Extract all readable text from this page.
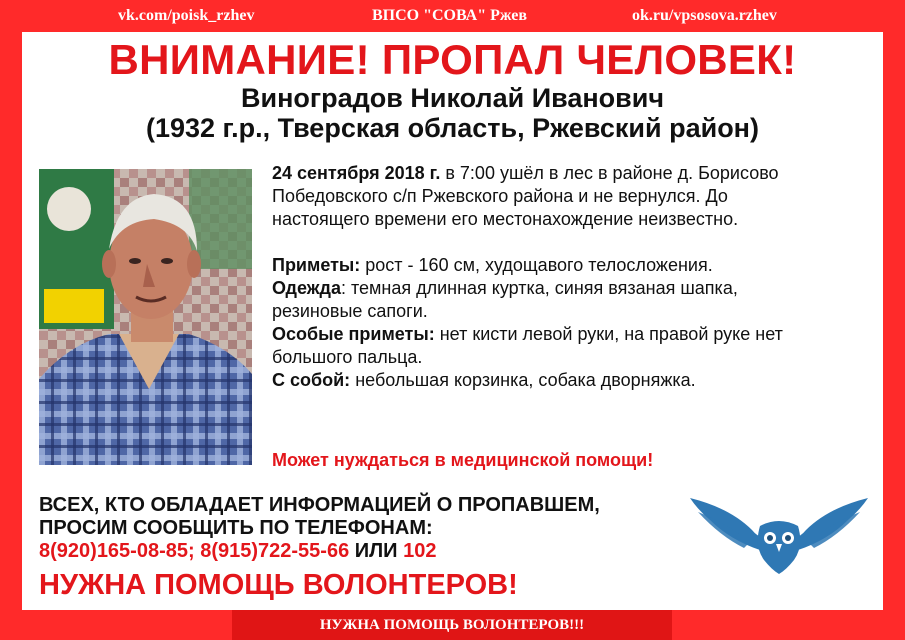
vk.com/poisk_rzhev	ВПСО "СОВА" Ржев	ok.ru/vpsosova.rzhev
ВНИМАНИЕ! ПРОПАЛ ЧЕЛОВЕК!
Виноградов Николай Иванович
(1932 г.р., Тверская область, Ржевский район)

24 сентября 2018 г. в 7:00 ушёл в лес в районе д. Борисово

Победовского с/п Ржевского района и не вернулся. До

настоящего времени его местонахождение неизвестно.

Приметы: рост - 160 см, худощавого телосложения.

Одежда: темная длинная куртка, синяя вязаная шапка,

резиновые сапоги.

Особые приметы: нет кисти левой руки, на правой руке нет

большого пальца.

С собой: небольшая корзинка, собака дворняжка.

Может нуждаться в медицинской помощи!
ВСЕХ, КТО ОБЛАДАЕТ ИНФОРМАЦИЕЙ О ПРОПАВШЕМ,
ПРОСИМ СООБЩИТЬ ПО ТЕЛЕФОНАМ:
8(920)165-08-85; 8(915)722-55-66 ИЛИ 102
НУЖНА ПОМОЩЬ ВОЛОНТЕРОВ!
НУЖНА ПОМОЩЬ ВОЛОНТЕРОВ!!!
